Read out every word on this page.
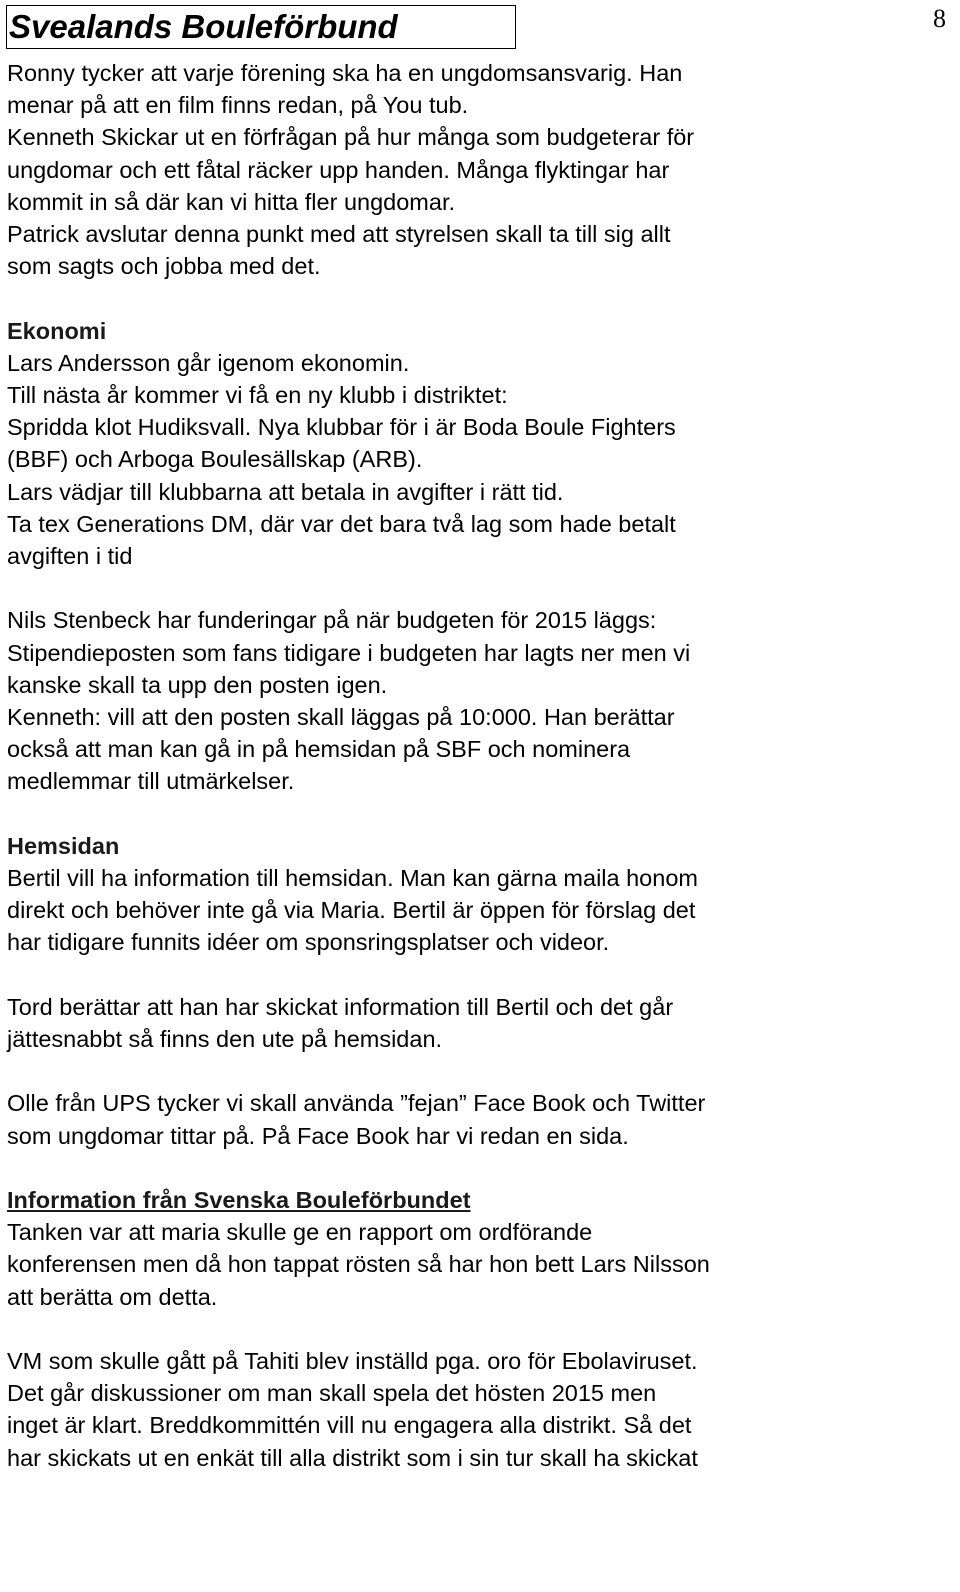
Svealands Bouleförbund	8

Ronny tycker att varje förening ska ha en ungdomsansvarig. Han

menar på att en film finns redan, på You tub.

Kenneth Skickar ut en förfrågan på hur många som budgeterar för

ungdomar och ett fåtal räcker upp handen. Många flyktingar har

kommit in så där kan vi hitta fler ungdomar.

Patrick avslutar denna punkt med att styrelsen skall ta till sig allt

som sagts och jobba med det.

Ekonomi

Lars Andersson går igenom ekonomin.

Till nästa år kommer vi få en ny klubb i distriktet:

Spridda klot Hudiksvall. Nya klubbar för i är Boda Boule Fighters

(BBF) och Arboga Boulesällskap (ARB).

Lars vädjar till klubbarna att betala in avgifter i rätt tid.

Ta tex Generations DM, där var det bara två lag som hade betalt

avgiften i tid

Nils Stenbeck har funderingar på när budgeten för 2015 läggs:

Stipendieposten som fans tidigare i budgeten har lagts ner men vi

kanske skall ta upp den posten igen.

Kenneth: vill att den posten skall läggas på 10:000. Han berättar

också att man kan gå in på hemsidan på SBF och nominera

medlemmar till utmärkelser.

Hemsidan

Bertil vill ha information till hemsidan. Man kan gärna maila honom

direkt och behöver inte gå via Maria. Bertil är öppen för förslag det

har tidigare funnits idéer om sponsringsplatser och videor.

Tord berättar att han har skickat information till Bertil och det går

jättesnabbt så finns den ute på hemsidan.

Olle från UPS tycker vi skall använda ”fejan” Face Book och Twitter

som ungdomar tittar på. På Face Book har vi redan en sida.

Information från Svenska Bouleförbundet

Tanken var att maria skulle ge en rapport om ordförande

konferensen men då hon tappat rösten så har hon bett Lars Nilsson

att berätta om detta.

VM som skulle gått på Tahiti blev inställd pga. oro för Ebolaviruset.

Det går diskussioner om man skall spela det hösten 2015 men

inget är klart. Breddkommittén vill nu engagera alla distrikt. Så det

har skickats ut en enkät till alla distrikt som i sin tur skall ha skickat
